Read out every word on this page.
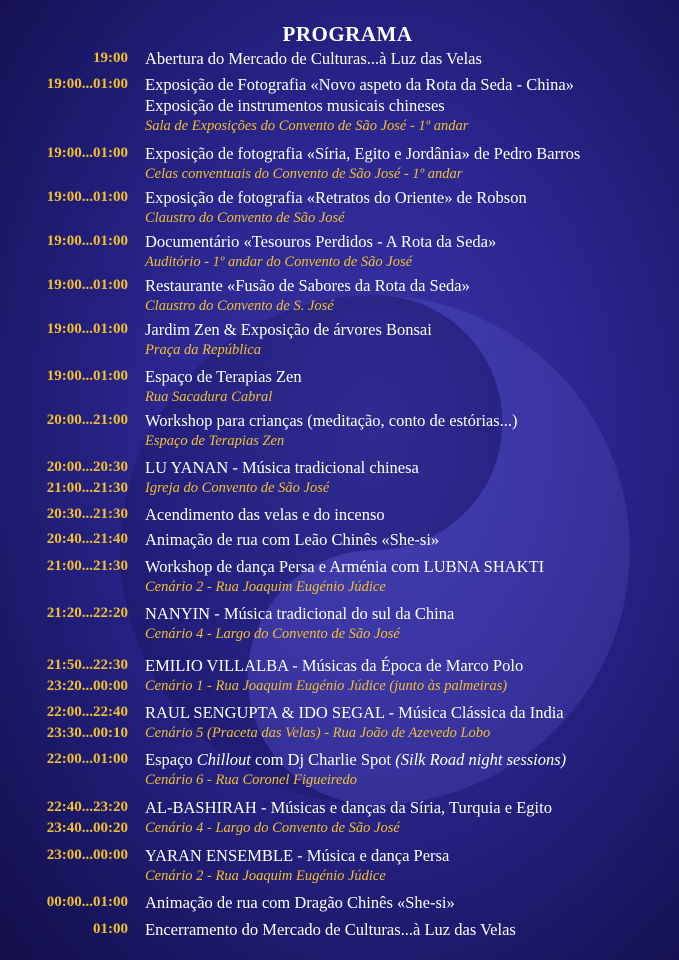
PROGRAMA
19:00 Abertura do Mercado de Culturas...à Luz das Velas
19:00...01:00 Exposição de Fotografia «Novo aspeto da Rota da Seda - China»
Exposição de instrumentos musicais chineses
Sala de Exposições do Convento de São José - 1º andar
19:00...01:00 Exposição de fotografia «Síria, Egito e Jordânia» de Pedro Barros
Celas conventuais do Convento de São José - 1º andar
19:00...01:00 Exposição de fotografia «Retratos do Oriente» de Robson
Claustro do Convento de São José
19:00...01:00 Documentário «Tesouros Perdidos - A Rota da Seda»
Auditório - 1º andar do Convento de São José
19:00...01:00 Restaurante «Fusão de Sabores da Rota da Seda»
Claustro do Convento de S. José
19:00...01:00 Jardim Zen & Exposição de árvores Bonsai
Praça da República
19:00...01:00 Espaço de Terapias Zen
Rua Sacadura Cabral
20:00...21:00 Workshop para crianças (meditação, conto de estórias...)
Espaço de Terapias Zen
20:00...20:30 LU YANAN - Música tradicional chinesa
21:00...21:30 Igreja do Convento de São José
20:30...21:30 Acendimento das velas e do incenso
20:40...21:40 Animação de rua com Leão Chinês «She-si»
21:00...21:30 Workshop de dança Persa e Arménia com LUBNA SHAKTI
Cenário 2 - Rua Joaquim Eugénio Júdice
21:20...22:20 NANYIN - Música tradicional do sul da China
Cenário 4 - Largo do Convento de São José
21:50...22:30 EMILIO VILLALBA - Músicas da Época de Marco Polo
23:20...00:00 Cenário 1 - Rua Joaquim Eugénio Júdice (junto às palmeiras)
22:00...22:40 RAUL SENGUPTA & IDO SEGAL - Música Clássica da India
23:30...00:10 Cenário 5 (Praceta das Velas) - Rua João de Azevedo Lobo
22:00...01:00 Espaço Chillout com Dj Charlie Spot (Silk Road night sessions)
Cenário 6 - Rua Coronel Figueiredo
22:40...23:20 AL-BASHIRAH - Músicas e danças da Síria, Turquia e Egito
23:40...00:20 Cenário 4 - Largo do Convento de São José
23:00...00:00 YARAN ENSEMBLE - Música e dança Persa
Cenário 2 - Rua Joaquim Eugénio Júdice
00:00...01:00 Animação de rua com Dragão Chinês «She-si»
01:00 Encerramento do Mercado de Culturas...à Luz das Velas
